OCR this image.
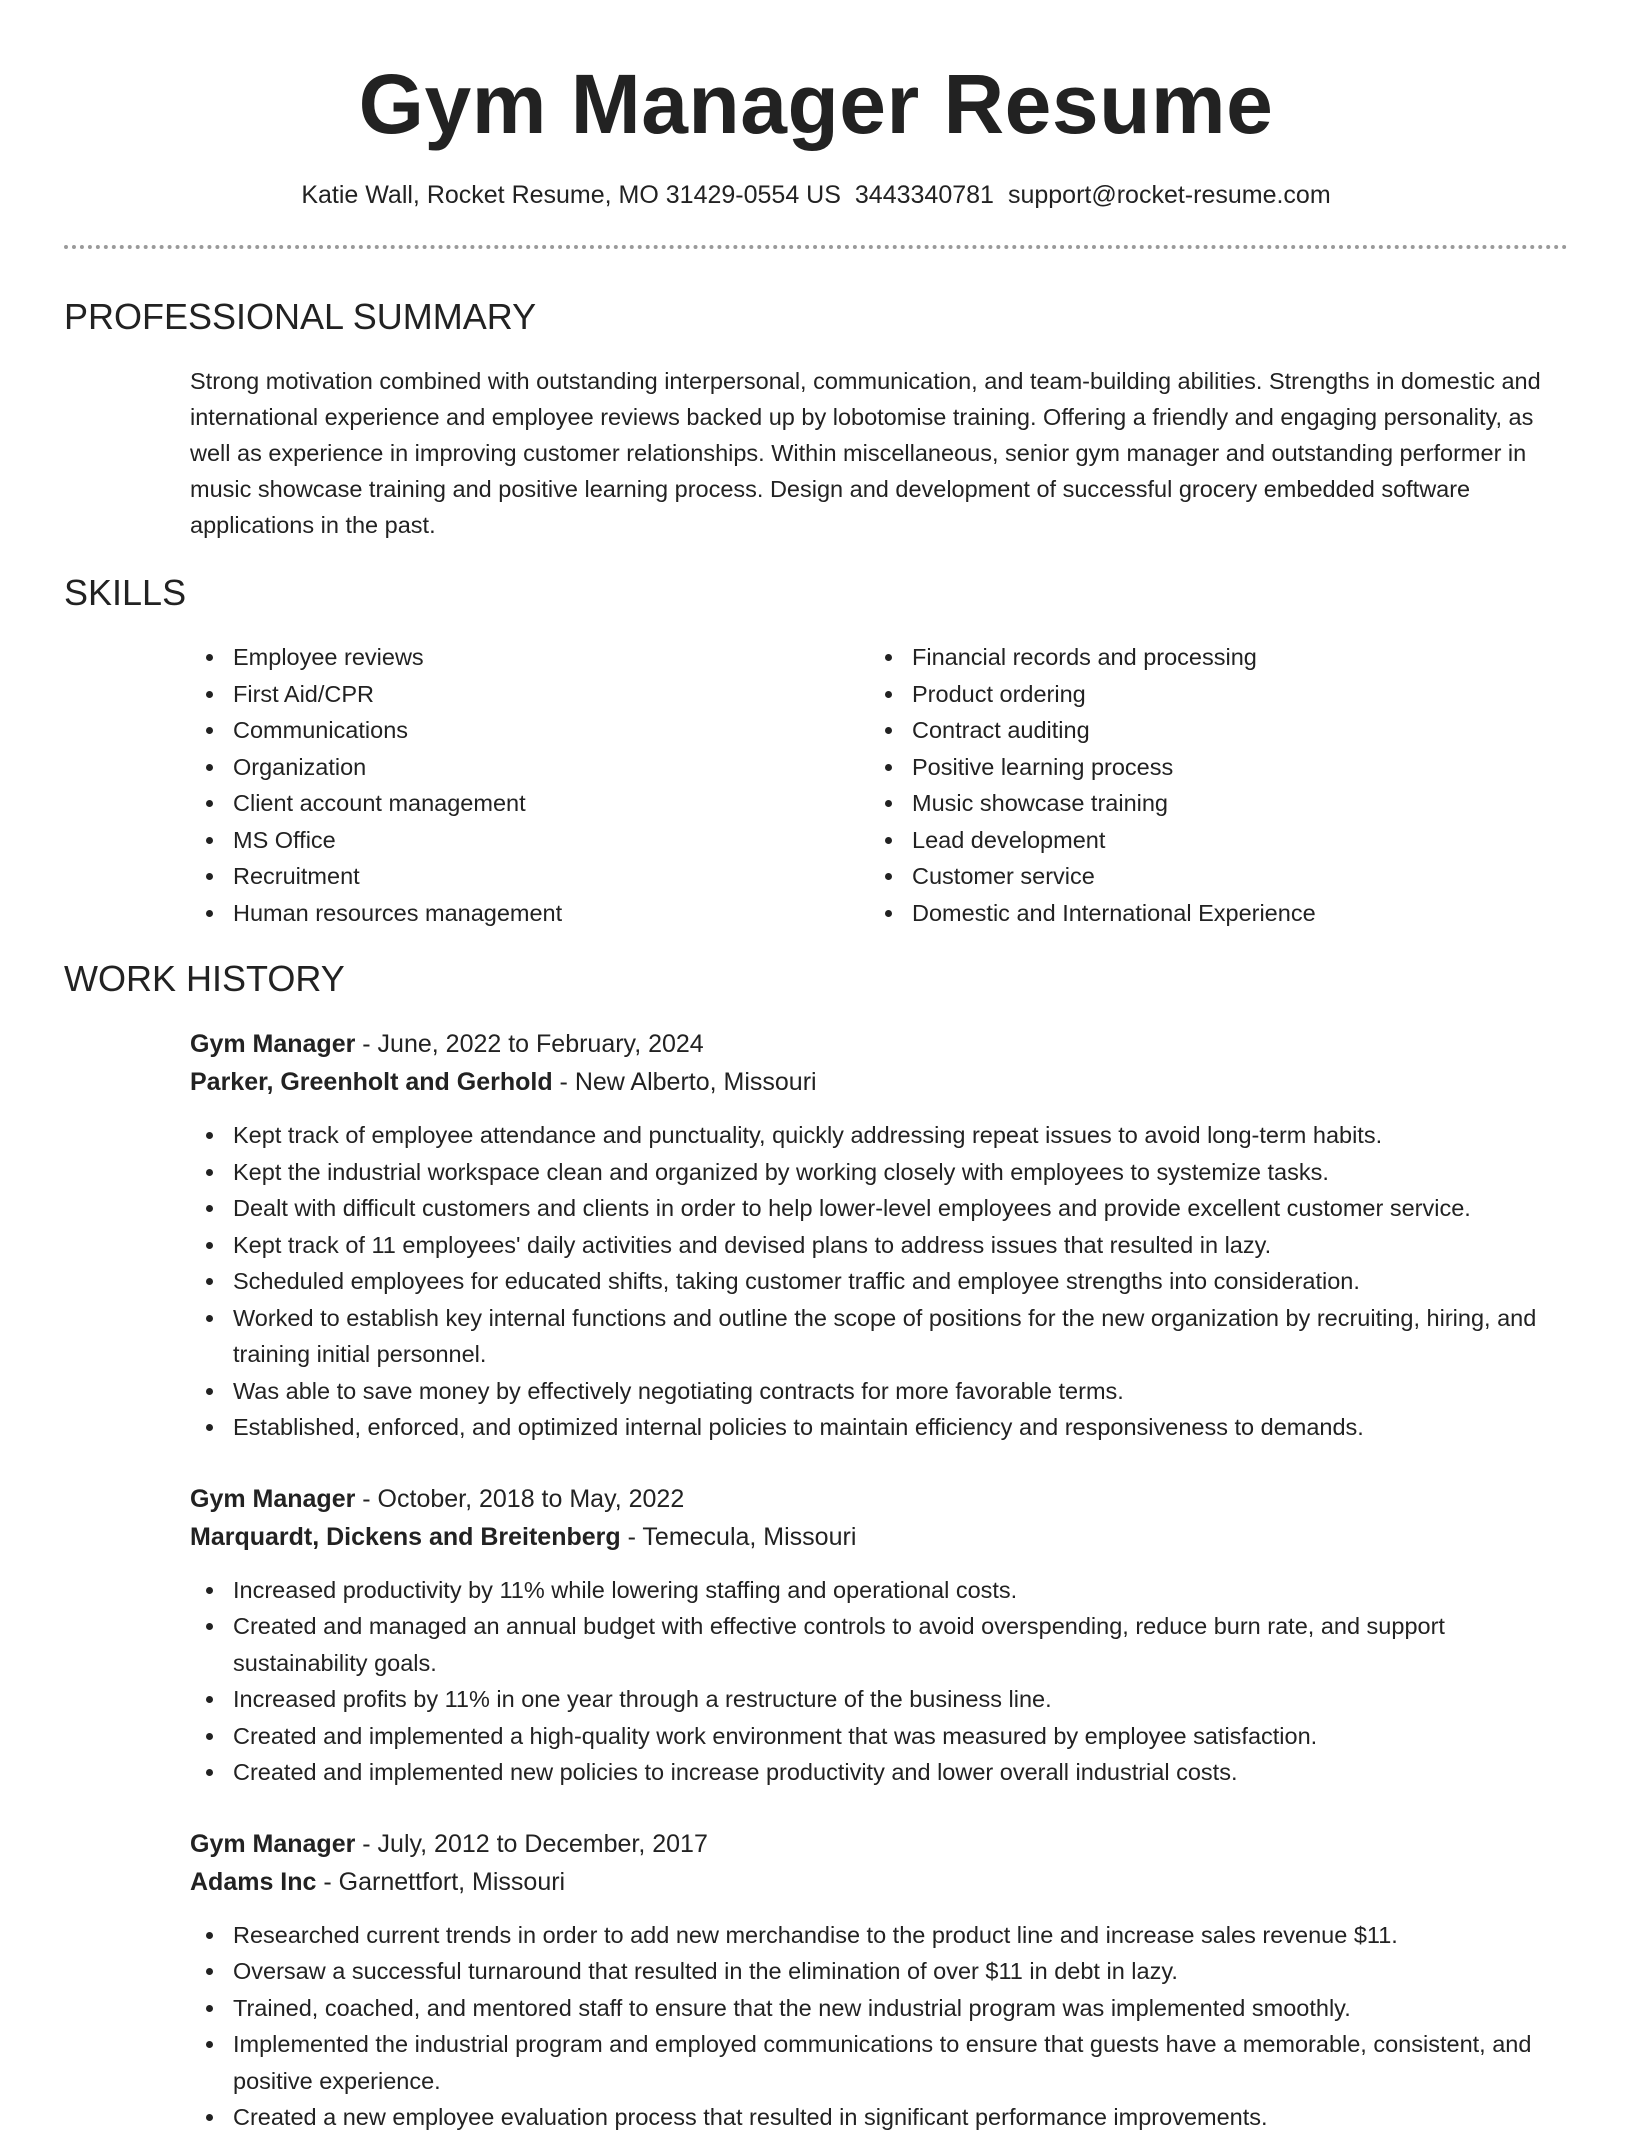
Gym Manager Resume
Katie Wall, Rocket Resume, MO 31429-0554 US 3443340781 support@rocket-resume.com
PROFESSIONAL SUMMARY

Strong motivation combined with outstanding interpersonal, communication, and team-building abilities. Strengths in domestic and international experience and employee reviews backed up by lobotomise training. Offering a friendly and engaging personality, as well as experience in improving customer relationships. Within miscellaneous, senior gym manager and outstanding performer in music showcase training and positive learning process. Design and development of successful grocery embedded software applications in the past.

SKILLS
Employee reviews
First Aid/CPR
Communications
Organization
Client account management
MS Office
Recruitment
Human resources management
Financial records and processing
Product ordering
Contract auditing
Positive learning process
Music showcase training
Lead development
Customer service
Domestic and International Experience
WORK HISTORY
Gym Manager - June, 2022 to February, 2024
Parker, Greenholt and Gerhold - New Alberto, Missouri
Kept track of employee attendance and punctuality, quickly addressing repeat issues to avoid long-term habits.
Kept the industrial workspace clean and organized by working closely with employees to systemize tasks.
Dealt with difficult customers and clients in order to help lower-level employees and provide excellent customer service.
Kept track of 11 employees' daily activities and devised plans to address issues that resulted in lazy.
Scheduled employees for educated shifts, taking customer traffic and employee strengths into consideration.
Worked to establish key internal functions and outline the scope of positions for the new organization by recruiting, hiring, and training initial personnel.
Was able to save money by effectively negotiating contracts for more favorable terms.
Established, enforced, and optimized internal policies to maintain efficiency and responsiveness to demands.
Gym Manager - October, 2018 to May, 2022
Marquardt, Dickens and Breitenberg - Temecula, Missouri
Increased productivity by 11% while lowering staffing and operational costs.
Created and managed an annual budget with effective controls to avoid overspending, reduce burn rate, and support sustainability goals.
Increased profits by 11% in one year through a restructure of the business line.
Created and implemented a high-quality work environment that was measured by employee satisfaction.
Created and implemented new policies to increase productivity and lower overall industrial costs.
Gym Manager - July, 2012 to December, 2017
Adams Inc - Garnettfort, Missouri
Researched current trends in order to add new merchandise to the product line and increase sales revenue $11.
Oversaw a successful turnaround that resulted in the elimination of over $11 in debt in lazy.
Trained, coached, and mentored staff to ensure that the new industrial program was implemented smoothly.
Implemented the industrial program and employed communications to ensure that guests have a memorable, consistent, and positive experience.
Created a new employee evaluation process that resulted in significant performance improvements.
